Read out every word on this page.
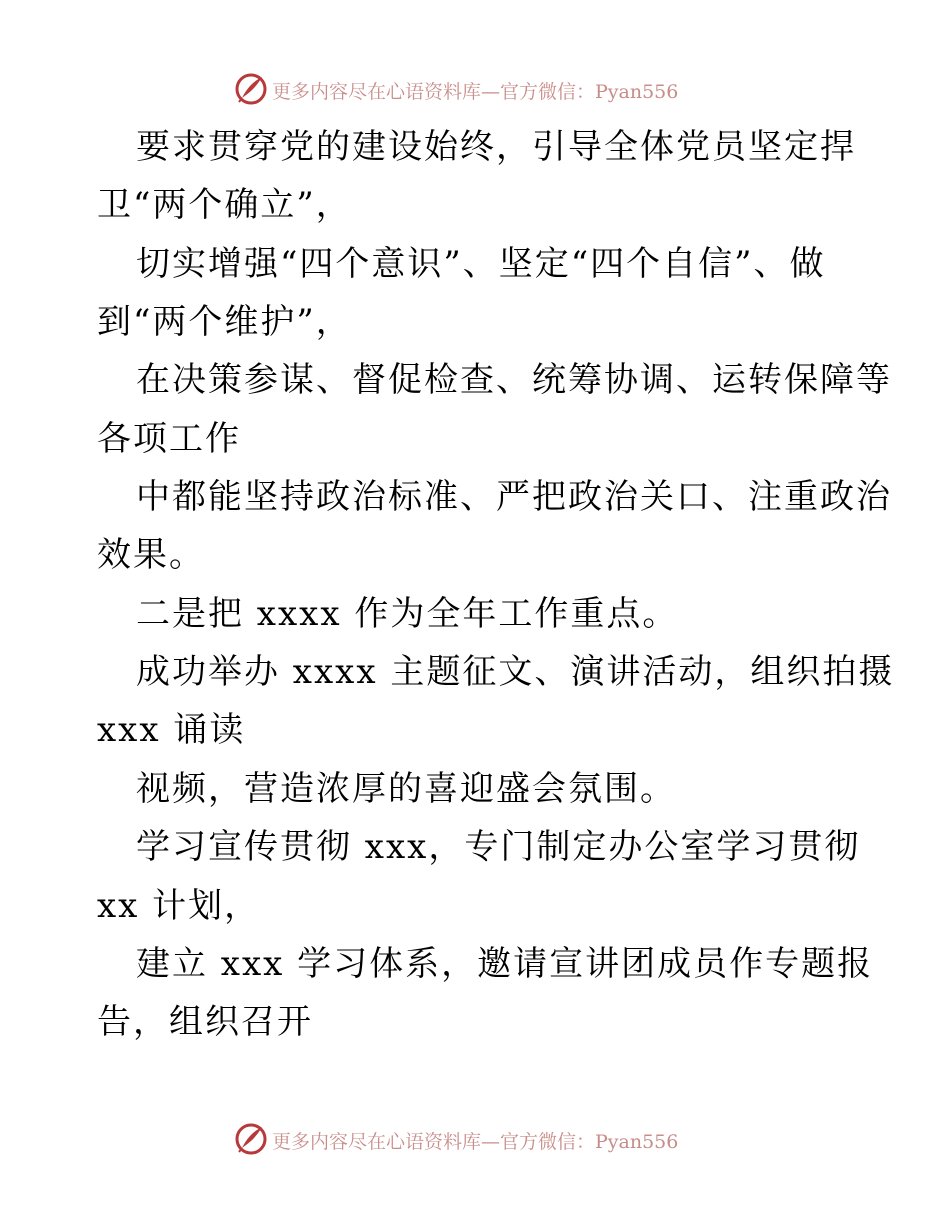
更多内容尽在心语资料库—官方微信：Pyan556
要求贯穿党的建设始终，引导全体党员坚定捍
卫“两个确立”，
切实增强“四个意识”、坚定“四个自信”、做
到“两个维护”，
在决策参谋、督促检查、统筹协调、运转保障等
各项工作
中都能坚持政治标准、严把政治关口、注重政治
效果。
二是把 xxxx 作为全年工作重点。
成功举办 xxxx 主题征文、演讲活动，组织拍摄
xxx 诵读
视频，营造浓厚的喜迎盛会氛围。
学习宣传贯彻 xxx，专门制定办公室学习贯彻
xx 计划，
建立 xxx 学习体系，邀请宣讲团成员作专题报
告，组织召开
更多内容尽在心语资料库—官方微信：Pyan556
